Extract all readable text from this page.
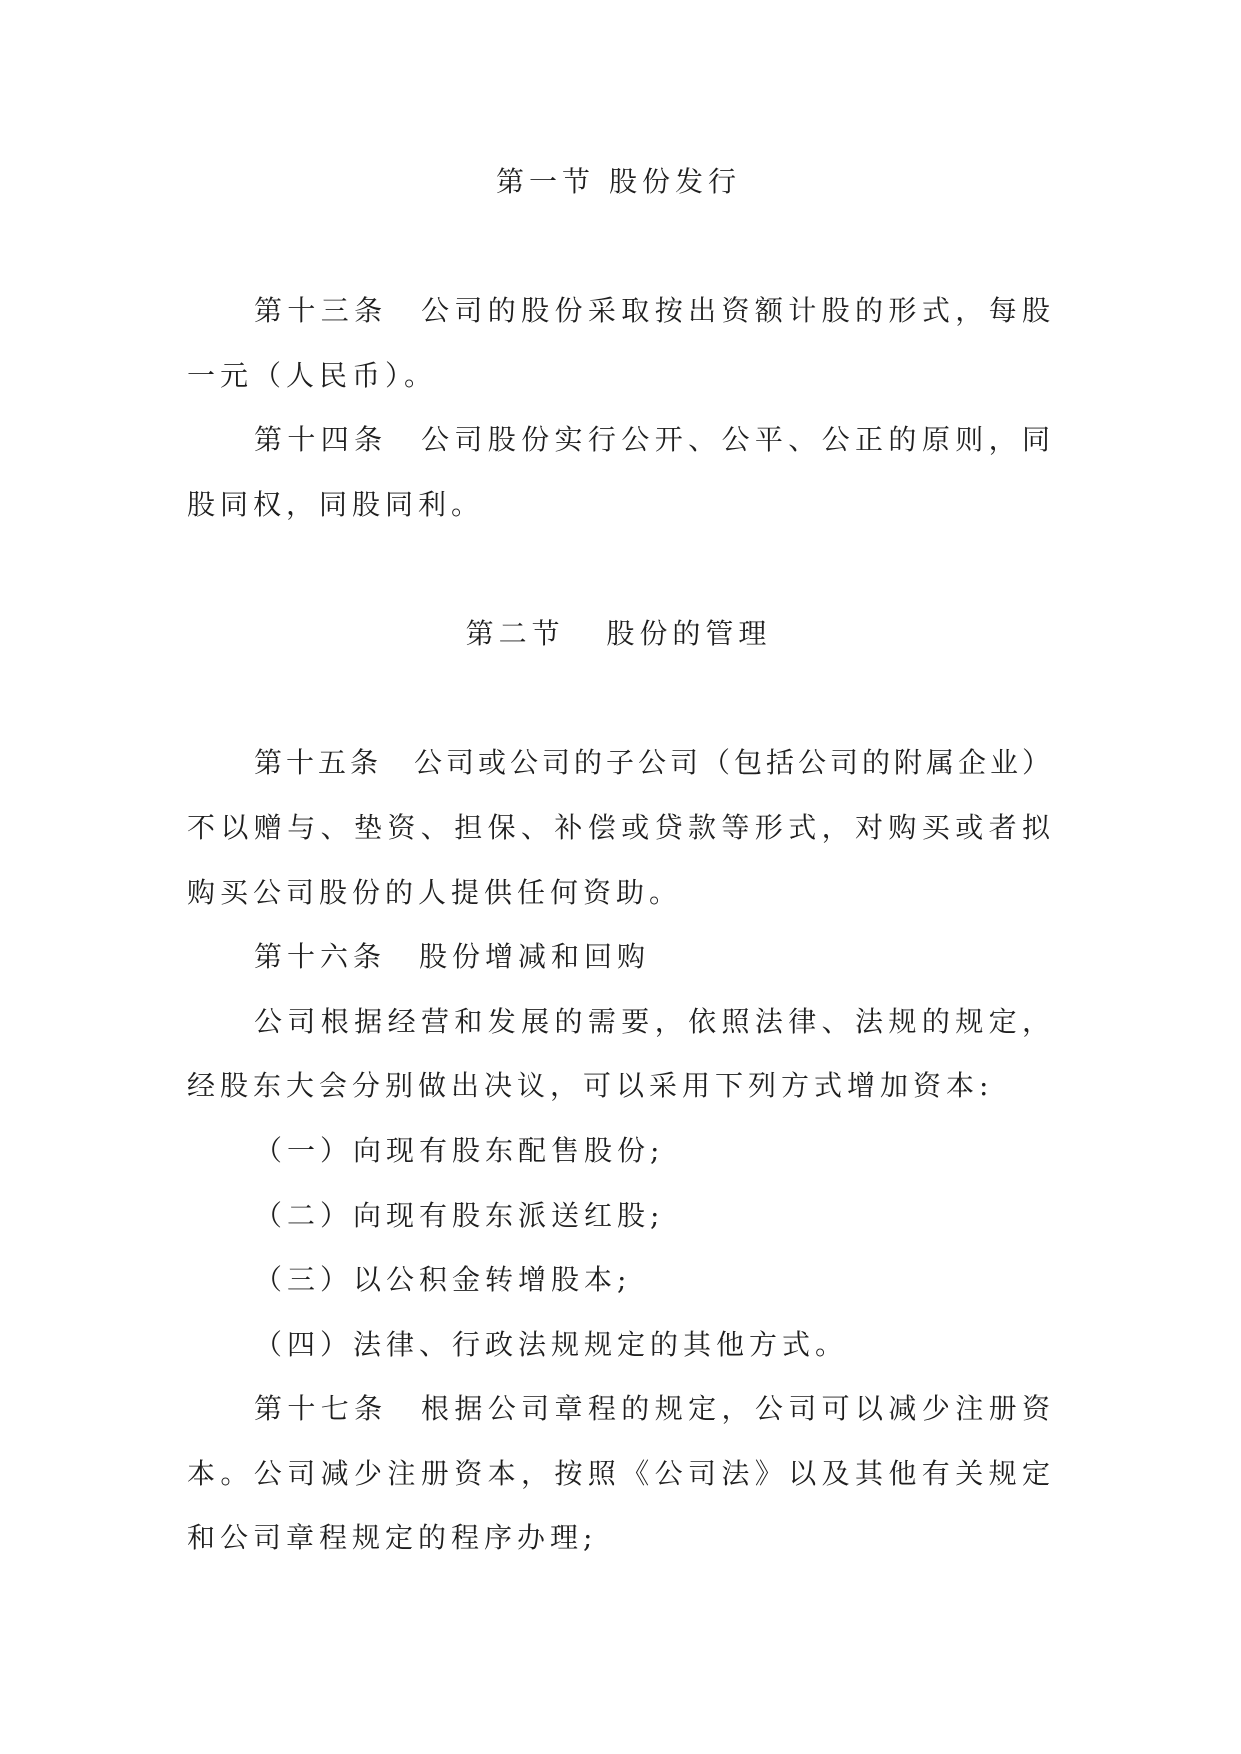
第一节 股份发行
第十三条　公司的股份采取按出资额计股的形式，每股
一元（人民币）。
第十四条　公司股份实行公开、公平、公正的原则，同
股同权，同股同利。
第二节   股份的管理
第十五条　公司或公司的子公司（包括公司的附属企业）
不以赠与、垫资、担保、补偿或贷款等形式，对购买或者拟
购买公司股份的人提供任何资助。
第十六条　股份增减和回购
公司根据经营和发展的需要，依照法律、法规的规定，
经股东大会分别做出决议，可以采用下列方式增加资本:
（一）向现有股东配售股份;
（二）向现有股东派送红股;
（三）以公积金转增股本;
（四）法律、行政法规规定的其他方式。
第十七条　根据公司章程的规定，公司可以减少注册资
本。公司减少注册资本，按照《公司法》以及其他有关规定
和公司章程规定的程序办理;
